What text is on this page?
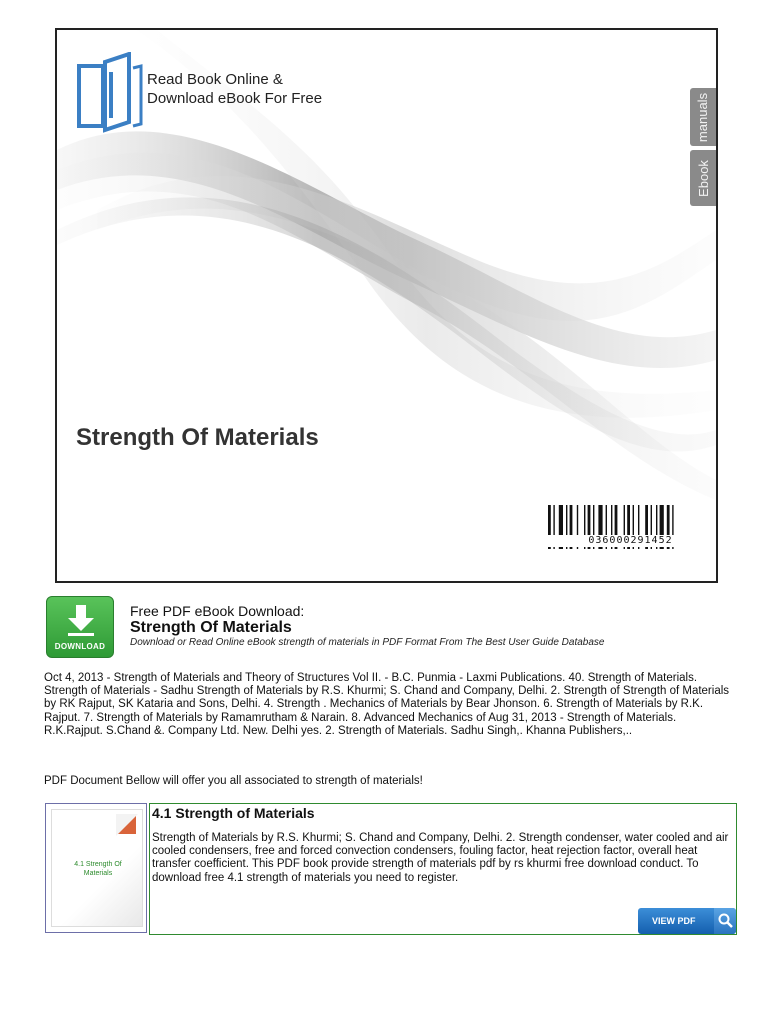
Read Book Online &
Download eBook For Free	manuals
Ebook
Strength Of Materials
036000291452
DOWNLOAD
Free PDF eBook Download:
Strength Of Materials
Download or Read Online eBook strength of materials in PDF Format From The Best User Guide Database
Oct 4, 2013 - Strength of Materials and Theory of Structures Vol II. - B.C. Punmia - Laxmi Publications. 40. Strength of Materials. Strength of Materials - Sadhu Strength of Materials by R.S. Khurmi; S. Chand and Company, Delhi. 2. Strength of Strength of Materials by RK Rajput, SK Kataria and Sons, Delhi. 4. Strength . Mechanics of Materials by Bear Jhonson. 6. Strength of Materials by R.K. Rajput. 7. Strength of Materials by Ramamrutham & Narain. 8. Advanced Mechanics of Aug 31, 2013 - Strength of Materials. R.K.Rajput. S.Chand &. Company Ltd. New. Delhi yes. 2. Strength of Materials. Sadhu Singh,. Khanna Publishers,..
PDF Document Bellow will offer you all associated to strength of materials!
4.1 Strength Of Materials
4.1 Strength of Materials
Strength of Materials by R.S. Khurmi; S. Chand and Company, Delhi. 2. Strength condenser, water cooled and air cooled condensers, free and forced convection condensers, fouling factor, heat rejection factor, overall heat transfer coefficient. This PDF book provide strength of materials pdf by rs khurmi free download conduct. To download free 4.1 strength of materials you need to register.
VIEW PDF
